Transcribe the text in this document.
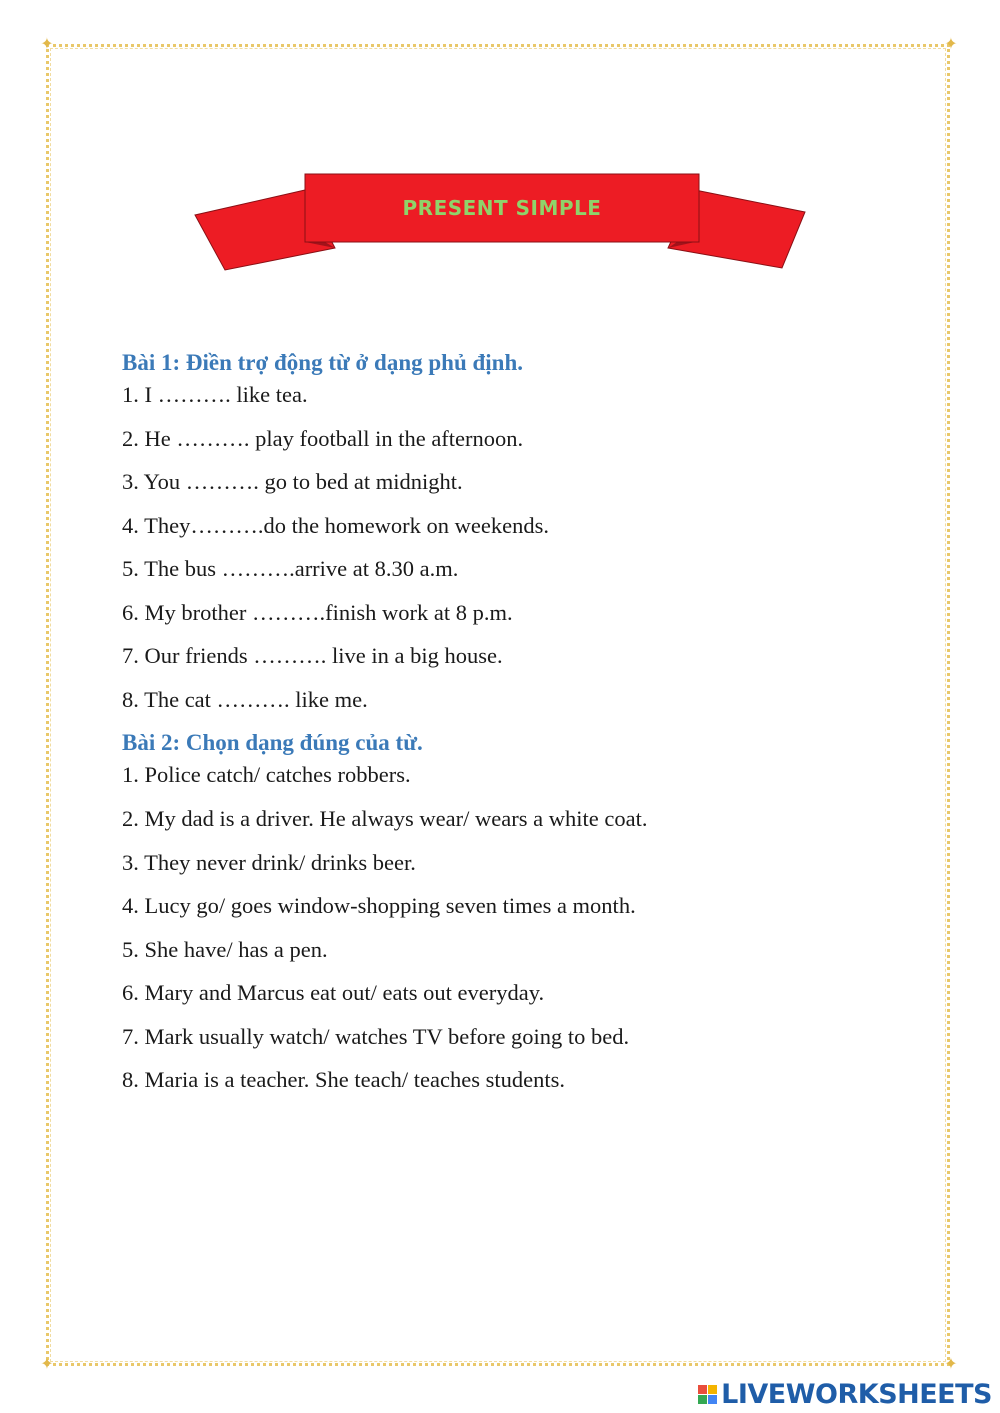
✦	✦
✦	✦
PRESENT SIMPLE
Bài 1: Điền trợ động từ ở dạng phủ định.
1. I ………. like tea.
2. He ………. play football in the afternoon.
3. You ………. go to bed at midnight.
4. They……….do the homework on weekends.
5. The bus ……….arrive at 8.30 a.m.
6. My brother ……….finish work at 8 p.m.
7. Our friends ………. live in a big house.
8. The cat ………. like me.
Bài 2: Chọn dạng đúng của từ.
1. Police catch/ catches robbers.
2. My dad is a driver. He always wear/ wears a white coat.
3. They never drink/ drinks beer.
4. Lucy go/ goes window-shopping seven times a month.
5. She have/ has a pen.
6. Mary and Marcus eat out/ eats out everyday.
7. Mark usually watch/ watches TV before going to bed.
8. Maria is a teacher. She teach/ teaches students.
LIVEWORKSHEETS
